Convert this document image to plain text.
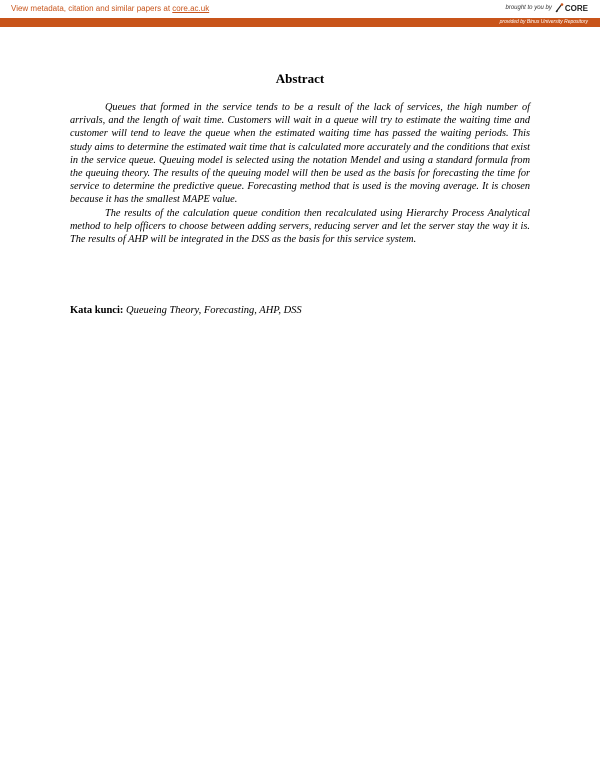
View metadata, citation and similar papers at core.ac.uk	brought to you by CORE
provided by Binus University Repository
Abstract

Queues that formed in the service tends to be a result of the lack of services, the high number of arrivals, and the length of wait time. Customers will wait in a queue will try to estimate the waiting time and customer will tend to leave the queue when the estimated waiting time has passed the waiting periods. This study aims to determine the estimated wait time that is calculated more accurately and the conditions that exist in the service queue. Queuing model is selected using the notation Mendel and using a standard formula from the queuing theory. The results of the queuing model will then be used as the basis for forecasting the time for service to determine the predictive queue. Forecasting method that is used is the moving average. It is chosen because it has the smallest MAPE value.

The results of the calculation queue condition then recalculated using Hierarchy Process Analytical method to help officers to choose between adding servers, reducing server and let the server stay the way it is. The results of AHP will be integrated in the DSS as the basis for this service system.

Kata kunci: Queueing Theory, Forecasting, AHP, DSS
